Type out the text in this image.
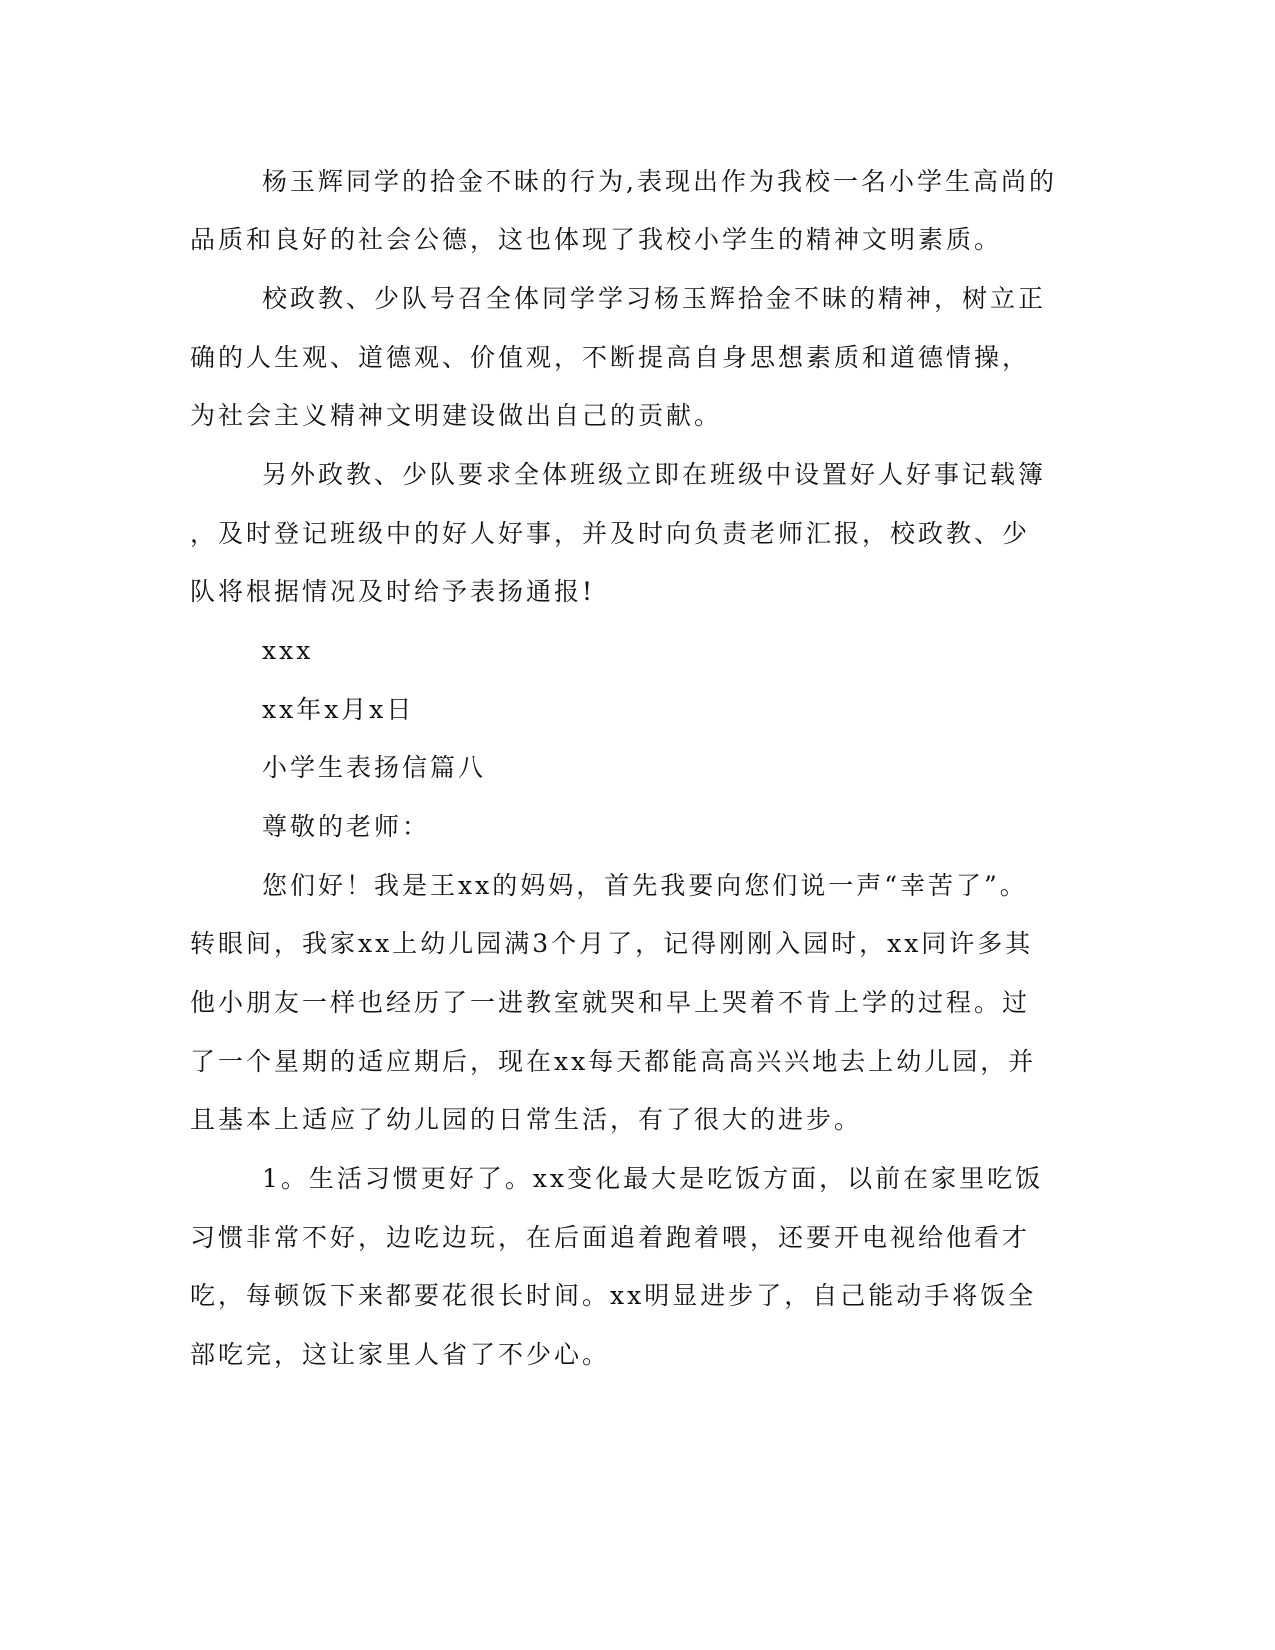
杨玉辉同学的拾金不昧的行为,表现出作为我校一名小学生高尚的
品质和良好的社会公德，这也体现了我校小学生的精神文明素质。
校政教、少队号召全体同学学习杨玉辉拾金不昧的精神，树立正
确的人生观、道德观、价值观，不断提高自身思想素质和道德情操，
为社会主义精神文明建设做出自己的贡献。
另外政教、少队要求全体班级立即在班级中设置好人好事记载簿
，及时登记班级中的好人好事，并及时向负责老师汇报，校政教、少
队将根据情况及时给予表扬通报!
xxx
xx年x月x日
小学生表扬信篇八
尊敬的老师：
您们好！我是王xx的妈妈，首先我要向您们说一声“幸苦了”。
转眼间，我家xx上幼儿园满3个月了，记得刚刚入园时，xx同许多其
他小朋友一样也经历了一进教室就哭和早上哭着不肯上学的过程。过
了一个星期的适应期后，现在xx每天都能高高兴兴地去上幼儿园，并
且基本上适应了幼儿园的日常生活，有了很大的进步。
1。生活习惯更好了。xx变化最大是吃饭方面，以前在家里吃饭
习惯非常不好，边吃边玩，在后面追着跑着喂，还要开电视给他看才
吃，每顿饭下来都要花很长时间。xx明显进步了，自己能动手将饭全
部吃完，这让家里人省了不少心。
